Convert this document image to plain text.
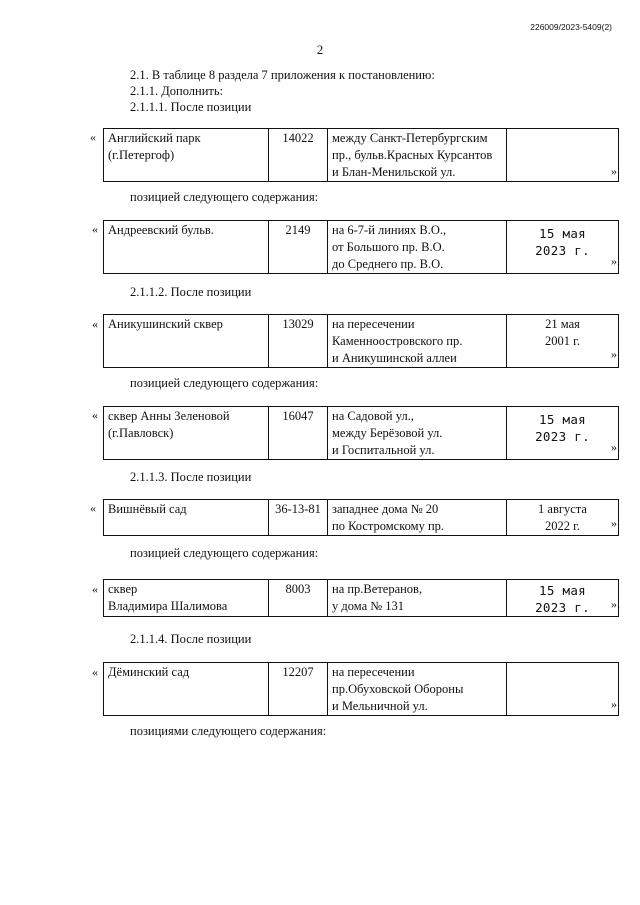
226009/2023-5409(2)
2
2.1. В таблице 8 раздела 7 приложения к постановлению:
2.1.1. Дополнить:
2.1.1.1. После позиции
« Английский парк
(г.Петергоф)
	14022	между Санкт-Петербургским
пр., бульв.Красных Курсантов
и Блан-Менильской ул.
		»
позицией следующего содержания:
« Андреевский бульв.	2149	на 6-7-й линиях В.О.,
от Большого пр. В.О.
до Среднего пр. В.О.

15 мая
2023 г.
».
2.1.1.2. После позиции
« Аникушинский сквер	13029	на пересечении
Каменноостровского пр.
и Аникушинской аллеи

21 мая
2001 г.
»
позицией следующего содержания:
« сквер Анны Зеленовой
(г.Павловск)
	16047	на Садовой ул.,
между Берёзовой ул.
и Госпитальной ул.

15 мая
2023 г.
».
2.1.1.3. После позиции
« Вишнёвый сад	36-13-81	западнее дома № 20
по Костромскому пр.

1 августа
2022 г.	»
позицией следующего содержания:
« сквер
Владимира Шалимова
	8003	на пр.Ветеранов,
у дома № 131

15 мая
2023 г.	».
2.1.1.4. После позиции
« Дёминский сад	12207	на пересечении
пр.Обуховской Обороны
и Мельничной ул.
		»
позициями следующего содержания:
